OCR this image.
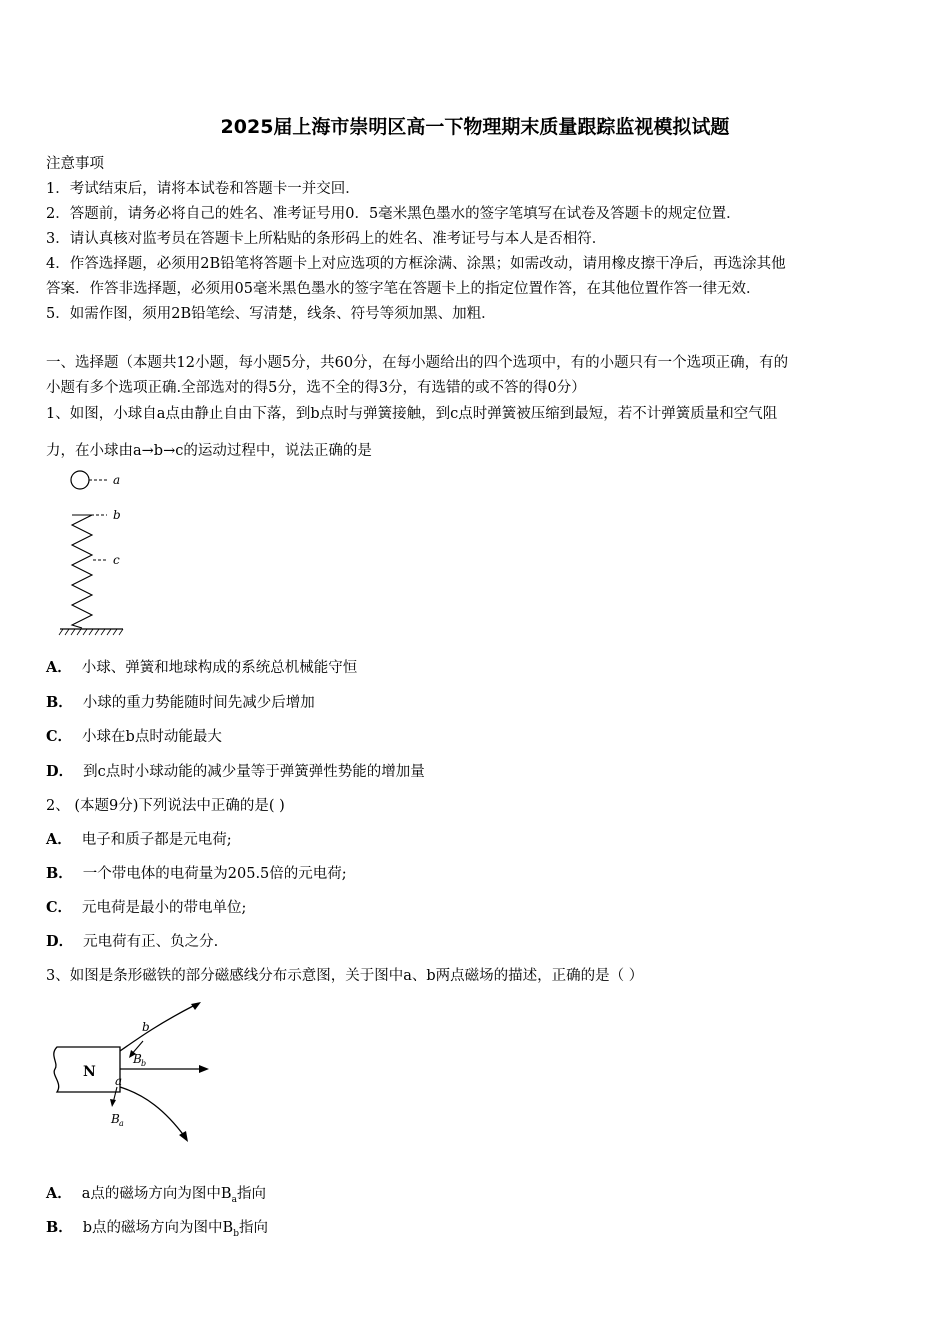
2025届上海市崇明区高一下物理期末质量跟踪监视模拟试题
注意事项
1．考试结束后，请将本试卷和答题卡一并交回．
2．答题前，请务必将自己的姓名、准考证号用0．5毫米黑色墨水的签字笔填写在试卷及答题卡的规定位置．
3．请认真核对监考员在答题卡上所粘贴的条形码上的姓名、准考证号与本人是否相符．
4．作答选择题，必须用2B铅笔将答题卡上对应选项的方框涂满、涂黑；如需改动，请用橡皮擦干净后，再选涂其他
答案．作答非选择题，必须用05毫米黑色墨水的签字笔在答题卡上的指定位置作答，在其他位置作答一律无效．
5．如需作图，须用2B铅笔绘、写清楚，线条、符号等须加黑、加粗．
一、选择题（本题共12小题，每小题5分，共60分，在每小题给出的四个选项中，有的小题只有一个选项正确，有的
小题有多个选项正确.全部选对的得5分，选不全的得3分，有选错的或不答的得0分）
1、如图，小球自a点由静止自由下落，到b点时与弹簧接触，到c点时弹簧被压缩到最短，若不计弹簧质量和空气阻
力，在小球由a→b→c的运动过程中，说法正确的是
a
b
c
A． 小球、弹簧和地球构成的系统总机械能守恒
B． 小球的重力势能随时间先减少后增加
C． 小球在b点时动能最大
D． 到c点时小球动能的减少量等于弹簧弹性势能的增加量
2、 (本题9分)下列说法中正确的是( )
A． 电子和质子都是元电荷;
B． 一个带电体的电荷量为205.5倍的元电荷;
C． 元电荷是最小的带电单位;
D． 元电荷有正、负之分.
3、如图是条形磁铁的部分磁感线分布示意图，关于图中a、b两点磁场的描述，正确的是（ ）
N
b
B b
a
B a
A． a点的磁场方向为图中$B_a$指向
B． b点的磁场方向为图中$B_b$指向
